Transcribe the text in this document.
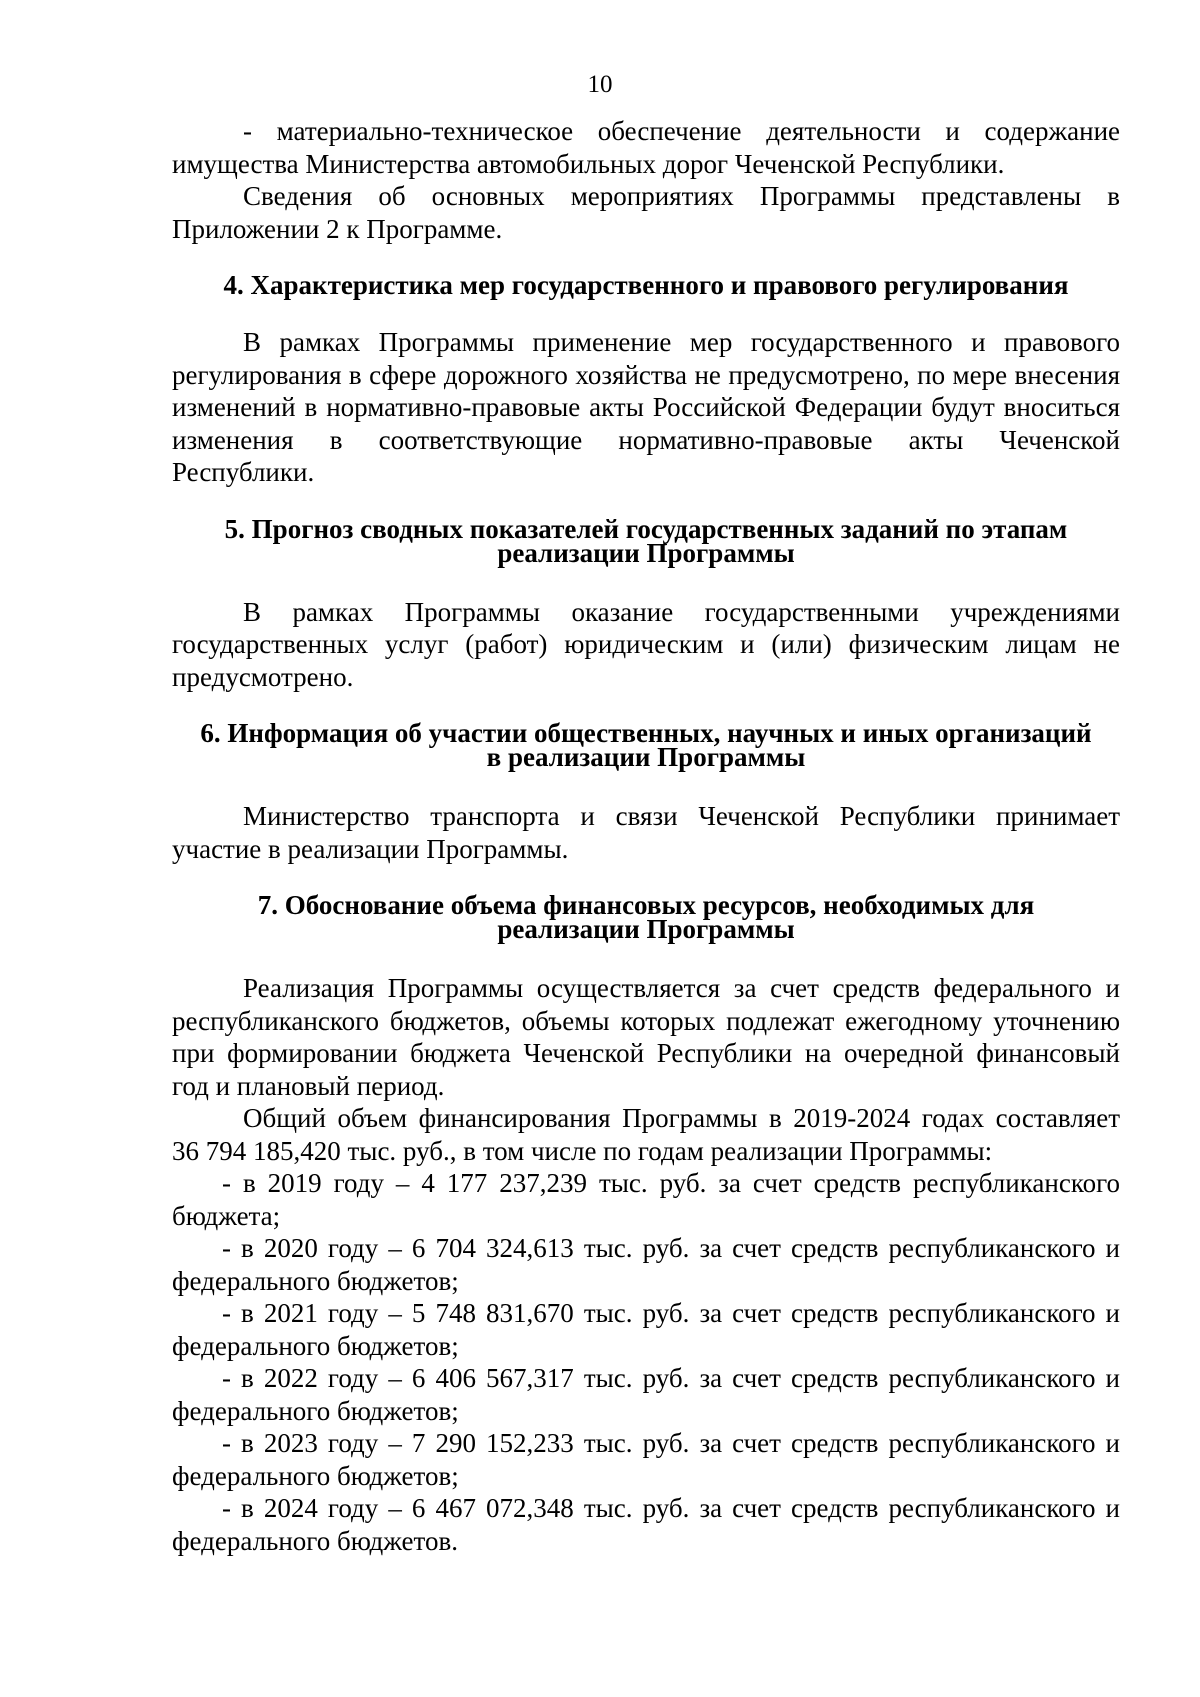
10

- материально-техническое обеспечение деятельности и содержание имущества Министерства автомобильных дорог Чеченской Республики.

Сведения об основных мероприятиях Программы представлены в Приложении 2 к Программе.

4. Характеристика мер государственного и правового регулирования

В рамках Программы применение мер государственного и правового регулирования в сфере дорожного хозяйства не предусмотрено, по мере внесения изменений в нормативно-правовые акты Российской Федерации будут вноситься изменения в соответствующие нормативно-правовые акты Чеченской Республики.

5. Прогноз сводных показателей государственных заданий по этапам
реализации Программы

В рамках Программы оказание государственными учреждениями государственных услуг (работ) юридическим и (или) физическим лицам не предусмотрено.

6. Информация об участии общественных, научных и иных организаций
в реализации Программы

Министерство транспорта и связи Чеченской Республики принимает участие в реализации Программы.

7. Обоснование объема финансовых ресурсов, необходимых для
реализации Программы

Реализация Программы осуществляется за счет средств федерального и республиканского бюджетов, объемы которых подлежат ежегодному уточнению при формировании бюджета Чеченской Республики на очередной финансовый год и плановый период.

Общий объем финансирования Программы в 2019-2024 годах составляет 36 794 185,420 тыс. руб., в том числе по годам реализации Программы:

- в 2019 году – 4 177 237,239 тыс. руб. за счет средств республиканского бюджета;

- в 2020 году – 6 704 324,613 тыс. руб. за счет средств республиканского и федерального бюджетов;

- в 2021 году – 5 748 831,670 тыс. руб. за счет средств республиканского и федерального бюджетов;

- в 2022 году – 6 406 567,317 тыс. руб. за счет средств республиканского и федерального бюджетов;

- в 2023 году – 7 290 152,233 тыс. руб. за счет средств республиканского и федерального бюджетов;

- в 2024 году – 6 467 072,348 тыс. руб. за счет средств республиканского и федерального бюджетов.
